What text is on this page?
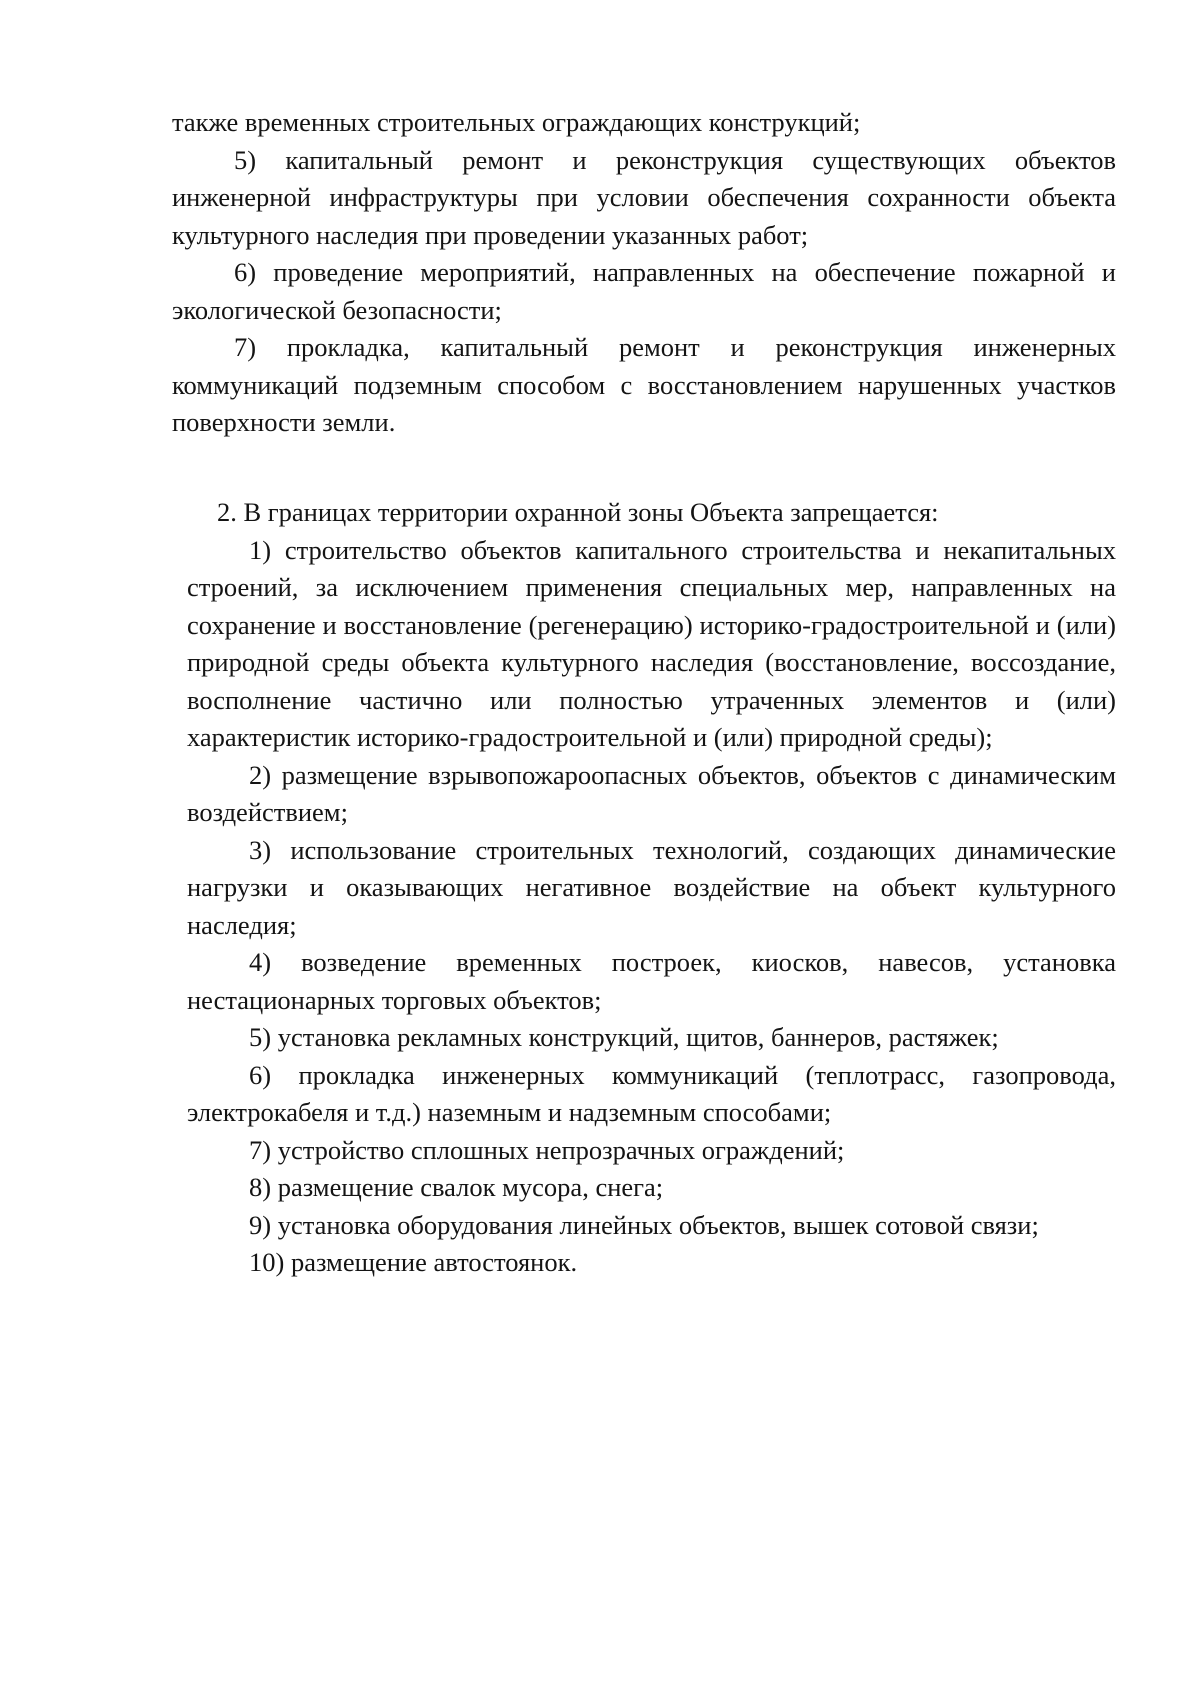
также временных строительных ограждающих конструкций;

5) капитальный ремонт и реконструкция существующих объектов инженерной инфраструктуры при условии обеспечения сохранности объекта культурного наследия при проведении указанных работ;

6) проведение мероприятий, направленных на обеспечение пожарной и экологической безопасности;

7) прокладка, капитальный ремонт и реконструкция инженерных коммуникаций подземным способом с восстановлением нарушенных участков поверхности земли.

2. В границах территории охранной зоны Объекта запрещается:

1) строительство объектов капитального строительства и некапитальных строений, за исключением применения специальных мер, направленных на сохранение и восстановление (регенерацию) историко-градостроительной и (или) природной среды объекта культурного наследия (восстановление, воссоздание, восполнение частично или полностью утраченных элементов и (или) характеристик историко-градостроительной и (или) природной среды);

2) размещение взрывопожароопасных объектов, объектов с динамическим воздействием;

3) использование строительных технологий, создающих динамические нагрузки и оказывающих негативное воздействие на объект культурного наследия;

4) возведение временных построек, киосков, навесов, установка нестационарных торговых объектов;

5) установка рекламных конструкций, щитов, баннеров, растяжек;

6) прокладка инженерных коммуникаций (теплотрасс, газопровода, электрокабеля и т.д.) наземным и надземным способами;

7) устройство сплошных непрозрачных ограждений;

8) размещение свалок мусора, снега;

9) установка оборудования линейных объектов, вышек сотовой связи;

10) размещение автостоянок.
